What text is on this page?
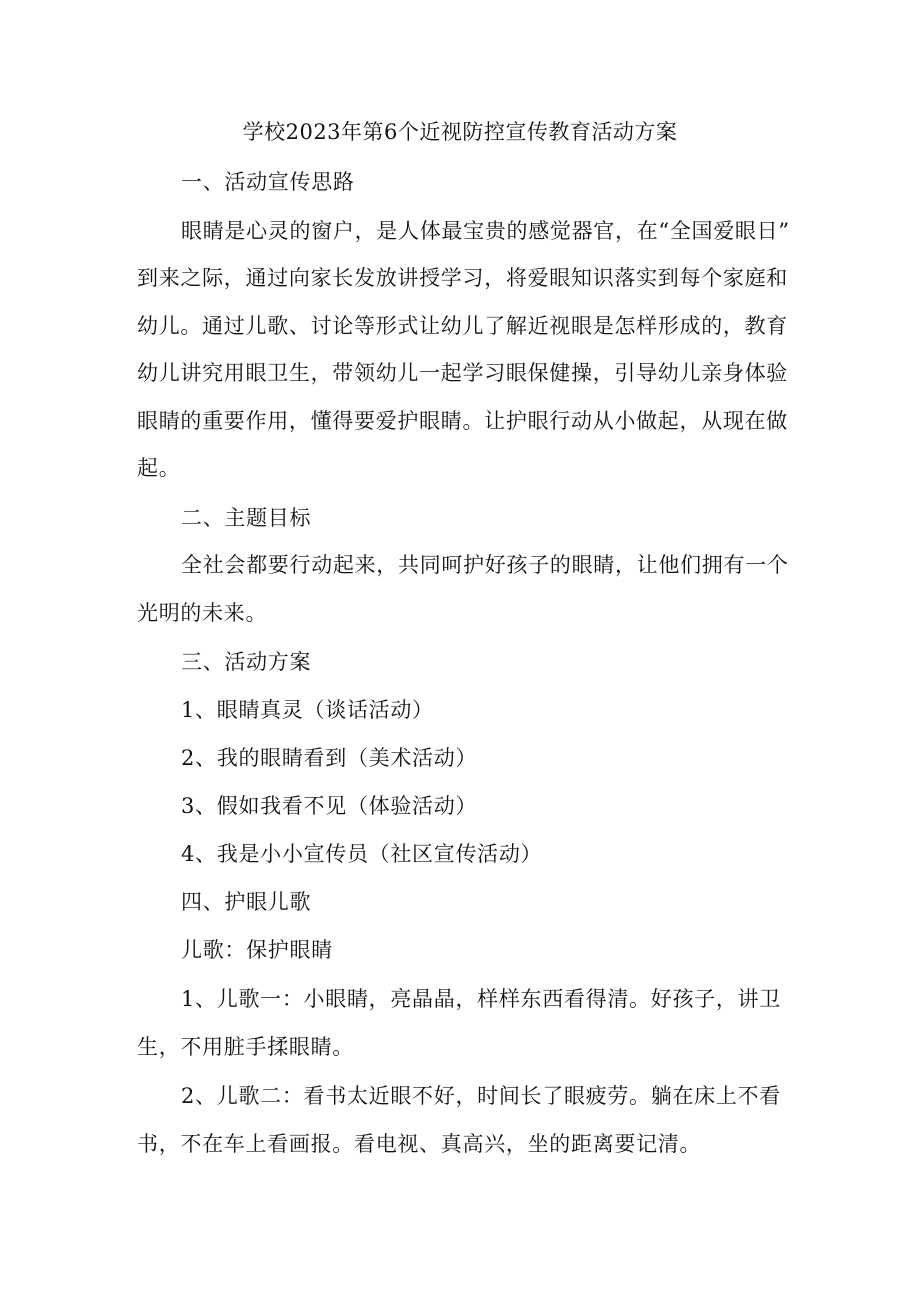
学校2023年第6个近视防控宣传教育活动方案
一、活动宣传思路
眼睛是心灵的窗户，是人体最宝贵的感觉器官，在“全国爱眼日”
到来之际，通过向家长发放讲授学习，将爱眼知识落实到每个家庭和
幼儿。通过儿歌、讨论等形式让幼儿了解近视眼是怎样形成的，教育
幼儿讲究用眼卫生，带领幼儿一起学习眼保健操，引导幼儿亲身体验
眼睛的重要作用，懂得要爱护眼睛。让护眼行动从小做起，从现在做
起。
二、主题目标
全社会都要行动起来，共同呵护好孩子的眼睛，让他们拥有一个
光明的未来。
三、活动方案
1、眼睛真灵（谈话活动）
2、我的眼睛看到（美术活动）
3、假如我看不见（体验活动）
4、我是小小宣传员（社区宣传活动）
四、护眼儿歌
儿歌：保护眼睛
1、儿歌一：小眼睛，亮晶晶，样样东西看得清。好孩子，讲卫
生，不用脏手揉眼睛。
2、儿歌二：看书太近眼不好，时间长了眼疲劳。躺在床上不看
书，不在车上看画报。看电视、真高兴，坐的距离要记清。
